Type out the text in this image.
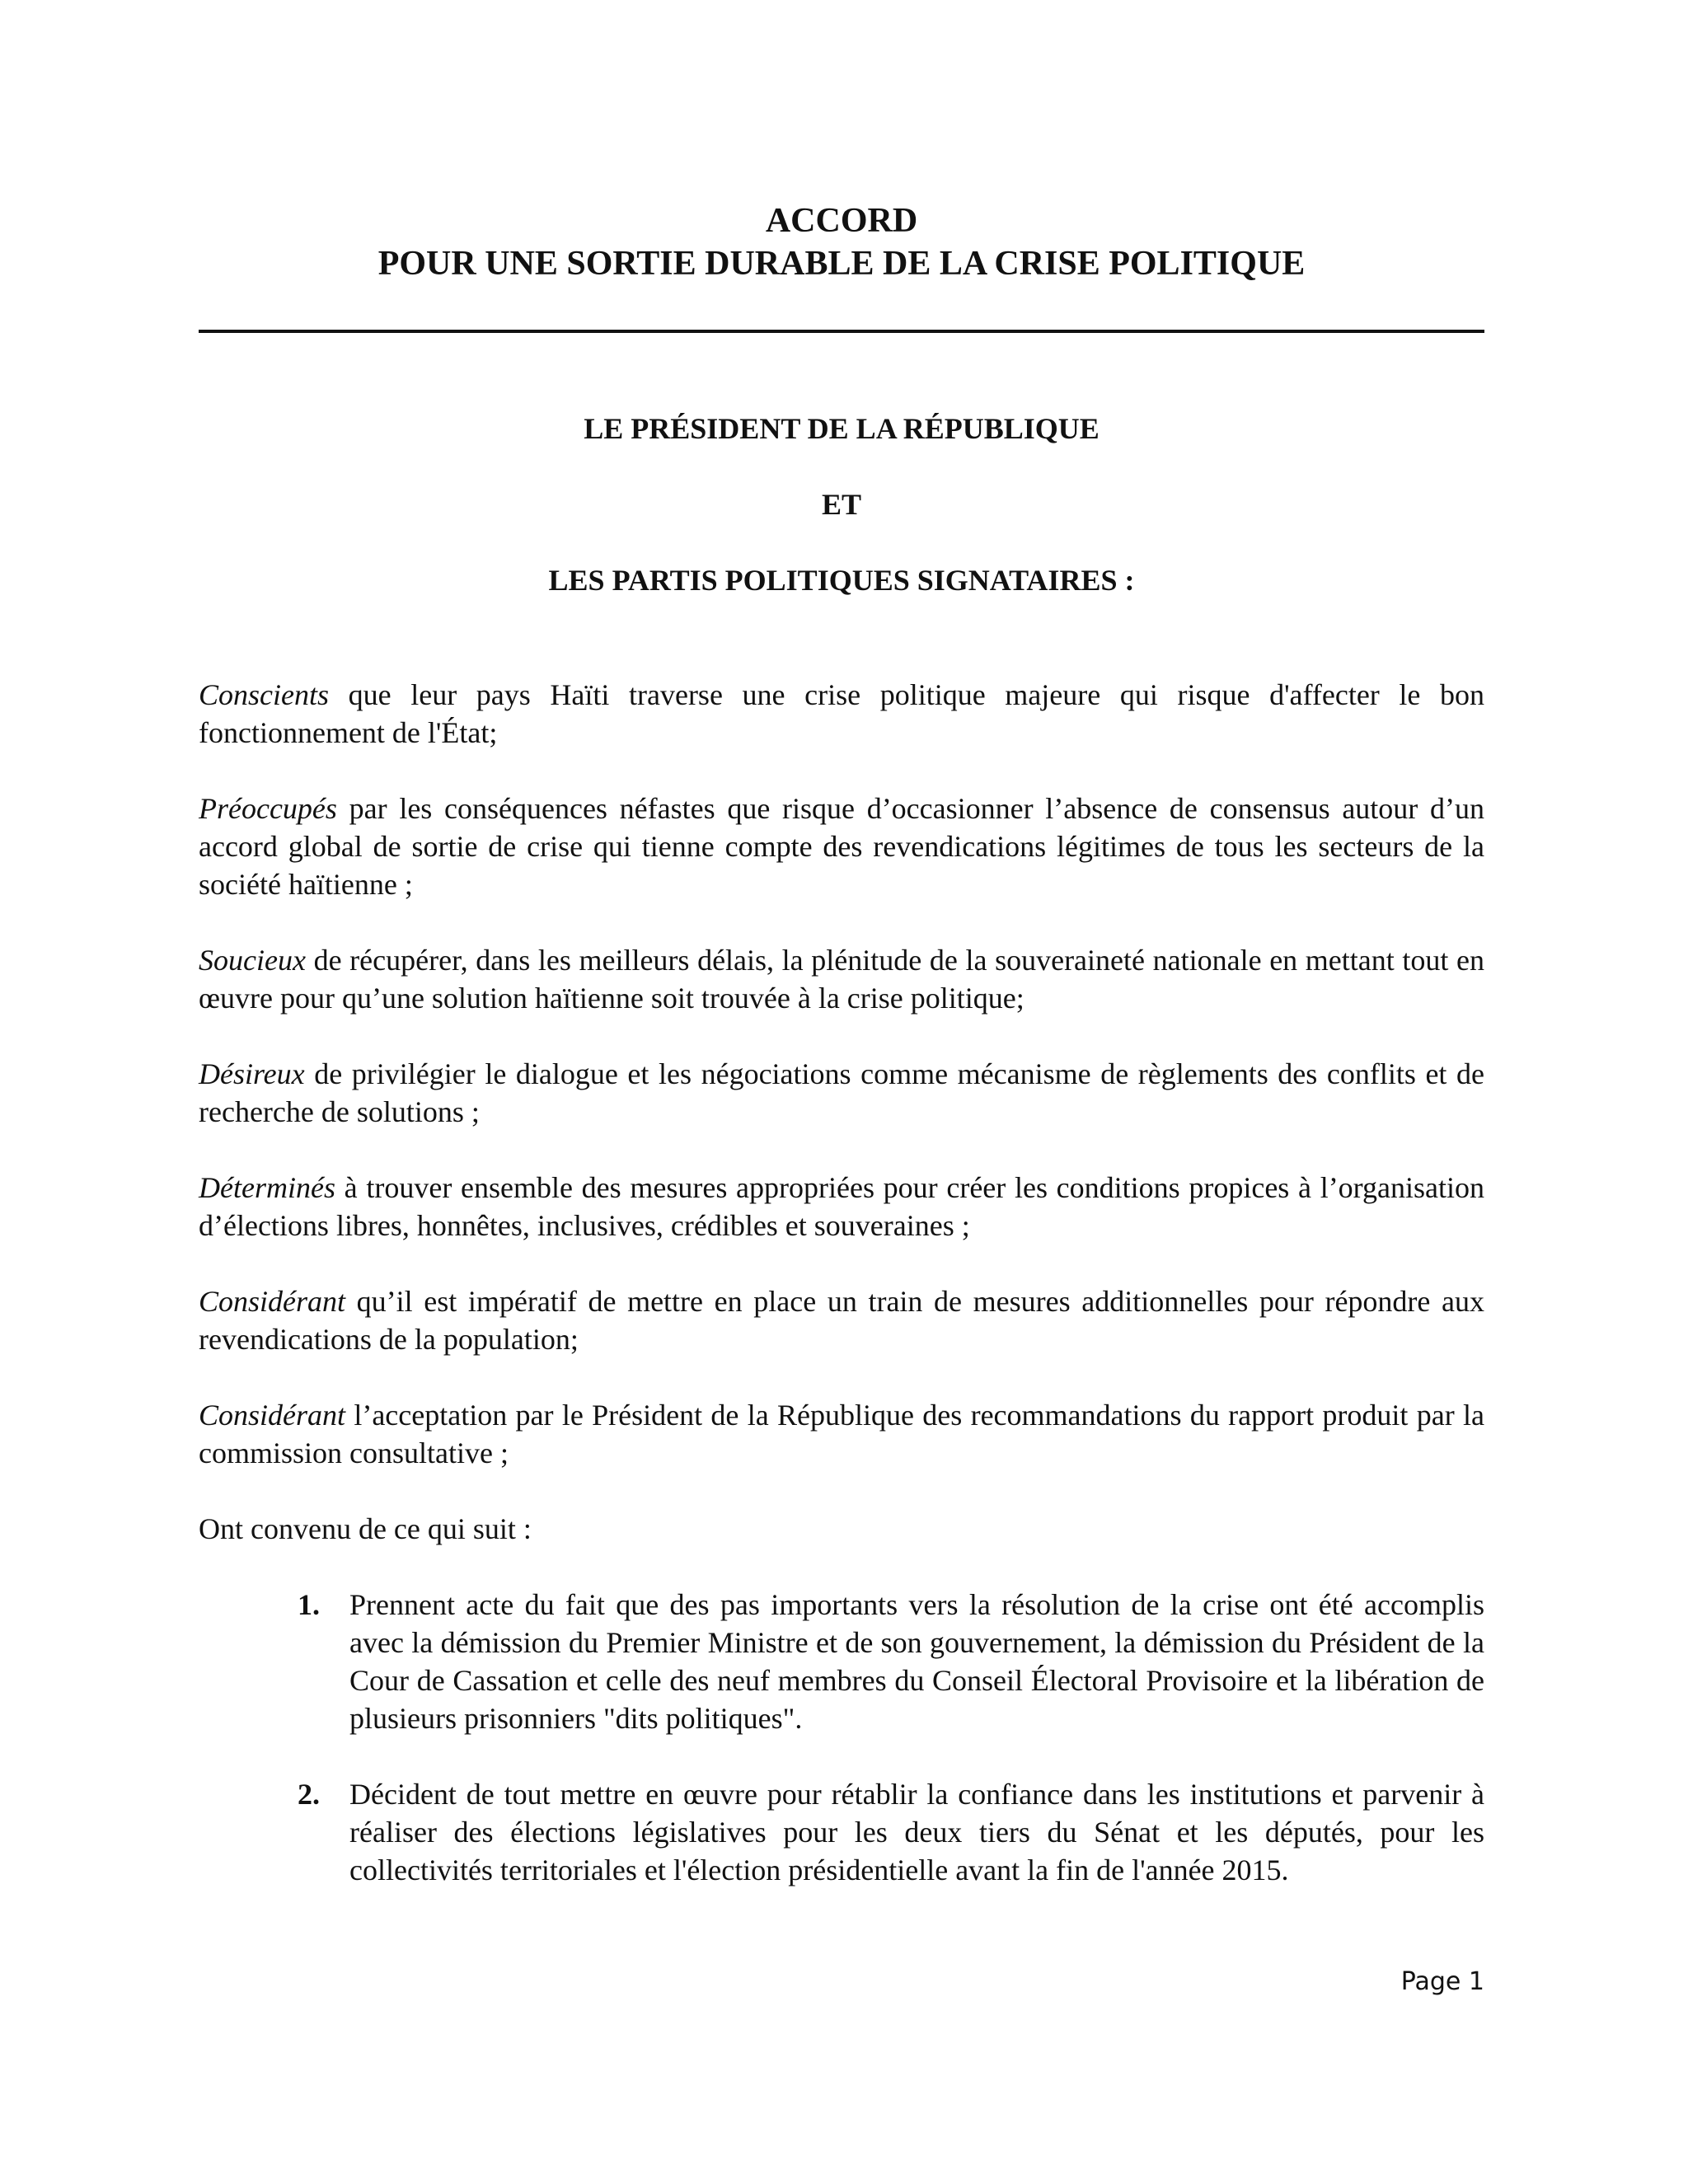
ACCORD
POUR UNE SORTIE DURABLE DE LA CRISE POLITIQUE
LE PRÉSIDENT DE LA RÉPUBLIQUE
ET
LES PARTIS POLITIQUES SIGNATAIRES :

Conscients que leur pays Haïti traverse une crise politique majeure qui risque d'affecter le bon fonctionnement de l'État;

Préoccupés par les conséquences néfastes que risque d’occasionner l’absence de consensus autour d’un accord global de sortie de crise qui tienne compte des revendications légitimes de tous les secteurs de la société haïtienne ;

Soucieux de récupérer, dans les meilleurs délais, la plénitude de la souveraineté nationale en mettant tout en œuvre pour qu’une solution haïtienne soit trouvée à la crise politique;

Désireux de privilégier le dialogue et les négociations comme mécanisme de règlements des conflits et de recherche de solutions ;

Déterminés à trouver ensemble des mesures appropriées pour créer les conditions propices à l’organisation d’élections libres, honnêtes, inclusives, crédibles et souveraines ;

Considérant qu’il est impératif de mettre en place un train de mesures additionnelles pour répondre aux revendications de la population;

Considérant l’acceptation par le Président de la République des recommandations du rapport produit par la commission consultative ;

Ont convenu de ce qui suit :

1. Prennent acte du fait que des pas importants vers la résolution de la crise ont été accomplis avec la démission du Premier Ministre et de son gouvernement, la démission du Président de la Cour de Cassation et celle des neuf membres du Conseil Électoral Provisoire et la libération de plusieurs prisonniers "dits politiques".

2. Décident de tout mettre en œuvre pour rétablir la confiance dans les institutions et parvenir à réaliser des élections législatives pour les deux tiers du Sénat et les députés, pour les collectivités territoriales et l'élection présidentielle avant la fin de l'année 2015.

Page 1
